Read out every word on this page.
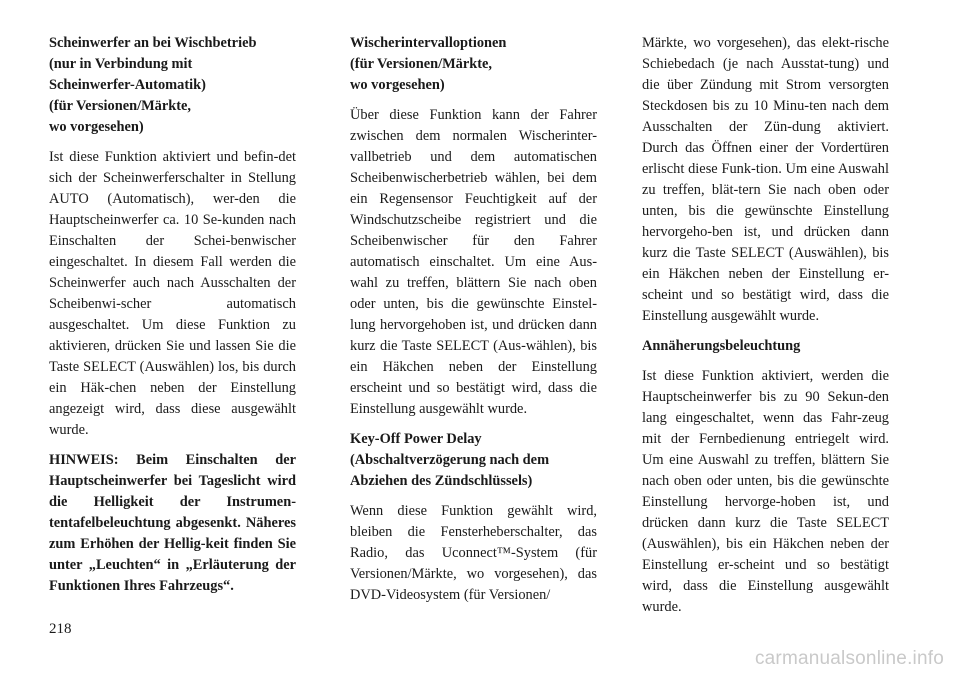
Scheinwerfer an bei Wischbetrieb
(nur in Verbindung mit
Scheinwerfer-Automatik)
(für Versionen/Märkte,
wo vorgesehen)

Ist diese Funktion aktiviert und befin-det sich der Scheinwerferschalter in Stellung AUTO (Automatisch), wer-den die Hauptscheinwerfer ca. 10 Se-kunden nach Einschalten der Schei-benwischer eingeschaltet. In diesem Fall werden die Scheinwerfer auch nach Ausschalten der Scheibenwi-scher automatisch ausgeschaltet. Um diese Funktion zu aktivieren, drücken Sie und lassen Sie die Taste SELECT (Auswählen) los, bis durch ein Häk-chen neben der Einstellung angezeigt wird, dass diese ausgewählt wurde.

HINWEIS: Beim Einschalten der Hauptscheinwerfer bei Tageslicht wird die Helligkeit der Instrumen-tentafelbeleuchtung abgesenkt. Näheres zum Erhöhen der Hellig-keit finden Sie unter „Leuchten“ in „Erläuterung der Funktionen Ihres Fahrzeugs“.

Wischerintervalloptionen
(für Versionen/Märkte,
wo vorgesehen)

Über diese Funktion kann der Fahrer zwischen dem normalen Wischerinter-vallbetrieb und dem automatischen Scheibenwischerbetrieb wählen, bei dem ein Regensensor Feuchtigkeit auf der Windschutzscheibe registriert und die Scheibenwischer für den Fahrer automatisch einschaltet. Um eine Aus-wahl zu treffen, blättern Sie nach oben oder unten, bis die gewünschte Einstel-lung hervorgehoben ist, und drücken dann kurz die Taste SELECT (Aus-wählen), bis ein Häkchen neben der Einstellung erscheint und so bestätigt wird, dass die Einstellung ausgewählt wurde.

Key-Off Power Delay
(Abschaltverzögerung nach dem
Abziehen des Zündschlüssels)

Wenn diese Funktion gewählt wird, bleiben die Fensterheberschalter, das Radio, das Uconnect™-System (für Versionen/Märkte, wo vorgesehen), das DVD-Videosystem (für Versionen/

Märkte, wo vorgesehen), das elekt-rische Schiebedach (je nach Ausstat-tung) und die über Zündung mit Strom versorgten Steckdosen bis zu 10 Minu-ten nach dem Ausschalten der Zün-dung aktiviert. Durch das Öffnen einer der Vordertüren erlischt diese Funk-tion. Um eine Auswahl zu treffen, blät-tern Sie nach oben oder unten, bis die gewünschte Einstellung hervorgeho-ben ist, und drücken dann kurz die Taste SELECT (Auswählen), bis ein Häkchen neben der Einstellung er-scheint und so bestätigt wird, dass die Einstellung ausgewählt wurde.

Annäherungsbeleuchtung

Ist diese Funktion aktiviert, werden die Hauptscheinwerfer bis zu 90 Sekun-den lang eingeschaltet, wenn das Fahr-zeug mit der Fernbedienung entriegelt wird. Um eine Auswahl zu treffen, blättern Sie nach oben oder unten, bis die gewünschte Einstellung hervorge-hoben ist, und drücken dann kurz die Taste SELECT (Auswählen), bis ein Häkchen neben der Einstellung er-scheint und so bestätigt wird, dass die Einstellung ausgewählt wurde.

218
carmanualsonline.info
